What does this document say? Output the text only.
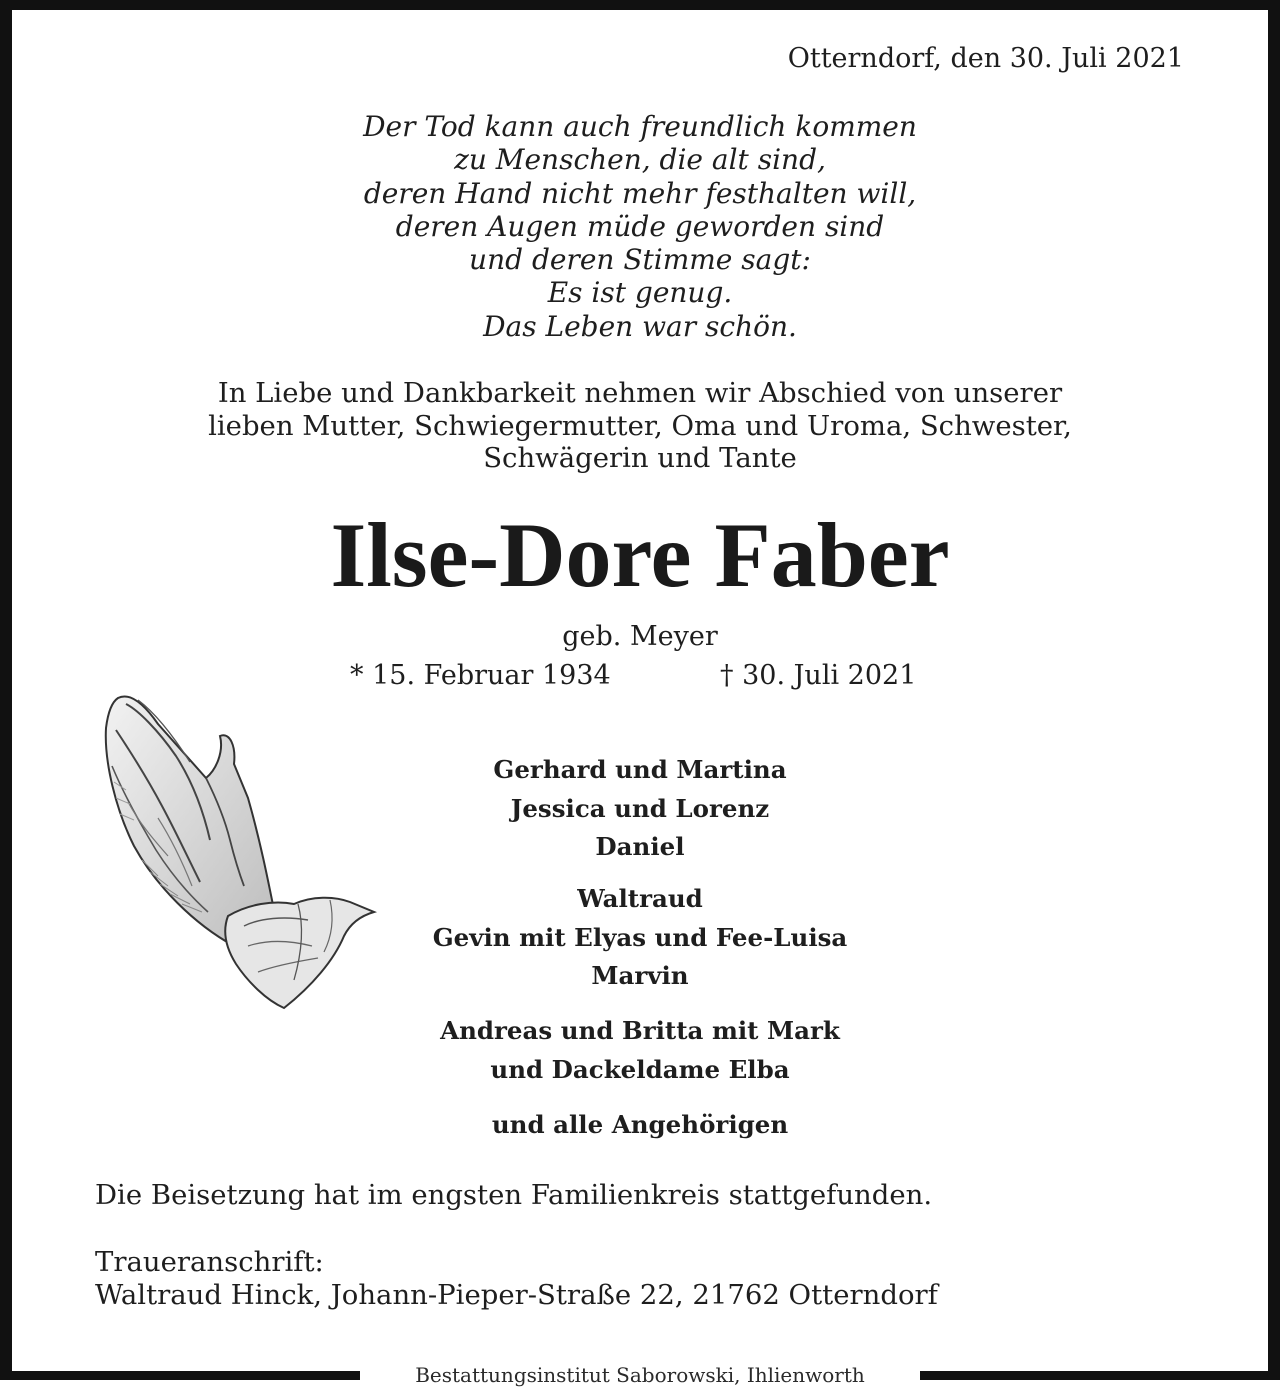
Otterndorf, den 30. Juli 2021
Der Tod kann auch freundlich kommen
zu Menschen, die alt sind,
deren Hand nicht mehr festhalten will,
deren Augen müde geworden sind
und deren Stimme sagt:
Es ist genug.
Das Leben war schön.
In Liebe und Dankbarkeit nehmen wir Abschied von unserer
lieben Mutter, Schwiegermutter, Oma und Uroma, Schwester,
Schwägerin und Tante
Ilse-Dore Faber
geb. Meyer
* 15. Februar 1934	† 30. Juli 2021
Gerhard und Martina
Jessica und Lorenz
Daniel
Waltraud
Gevin mit Elyas und Fee-Luisa
Marvin
Andreas und Britta mit Mark
und Dackeldame Elba
und alle Angehörigen
Die Beisetzung hat im engsten Familienkreis stattgefunden.
Traueranschrift:
Waltraud Hinck, Johann-Pieper-Straße 22, 21762 Otterndorf
Bestattungsinstitut Saborowski, Ihlienworth
